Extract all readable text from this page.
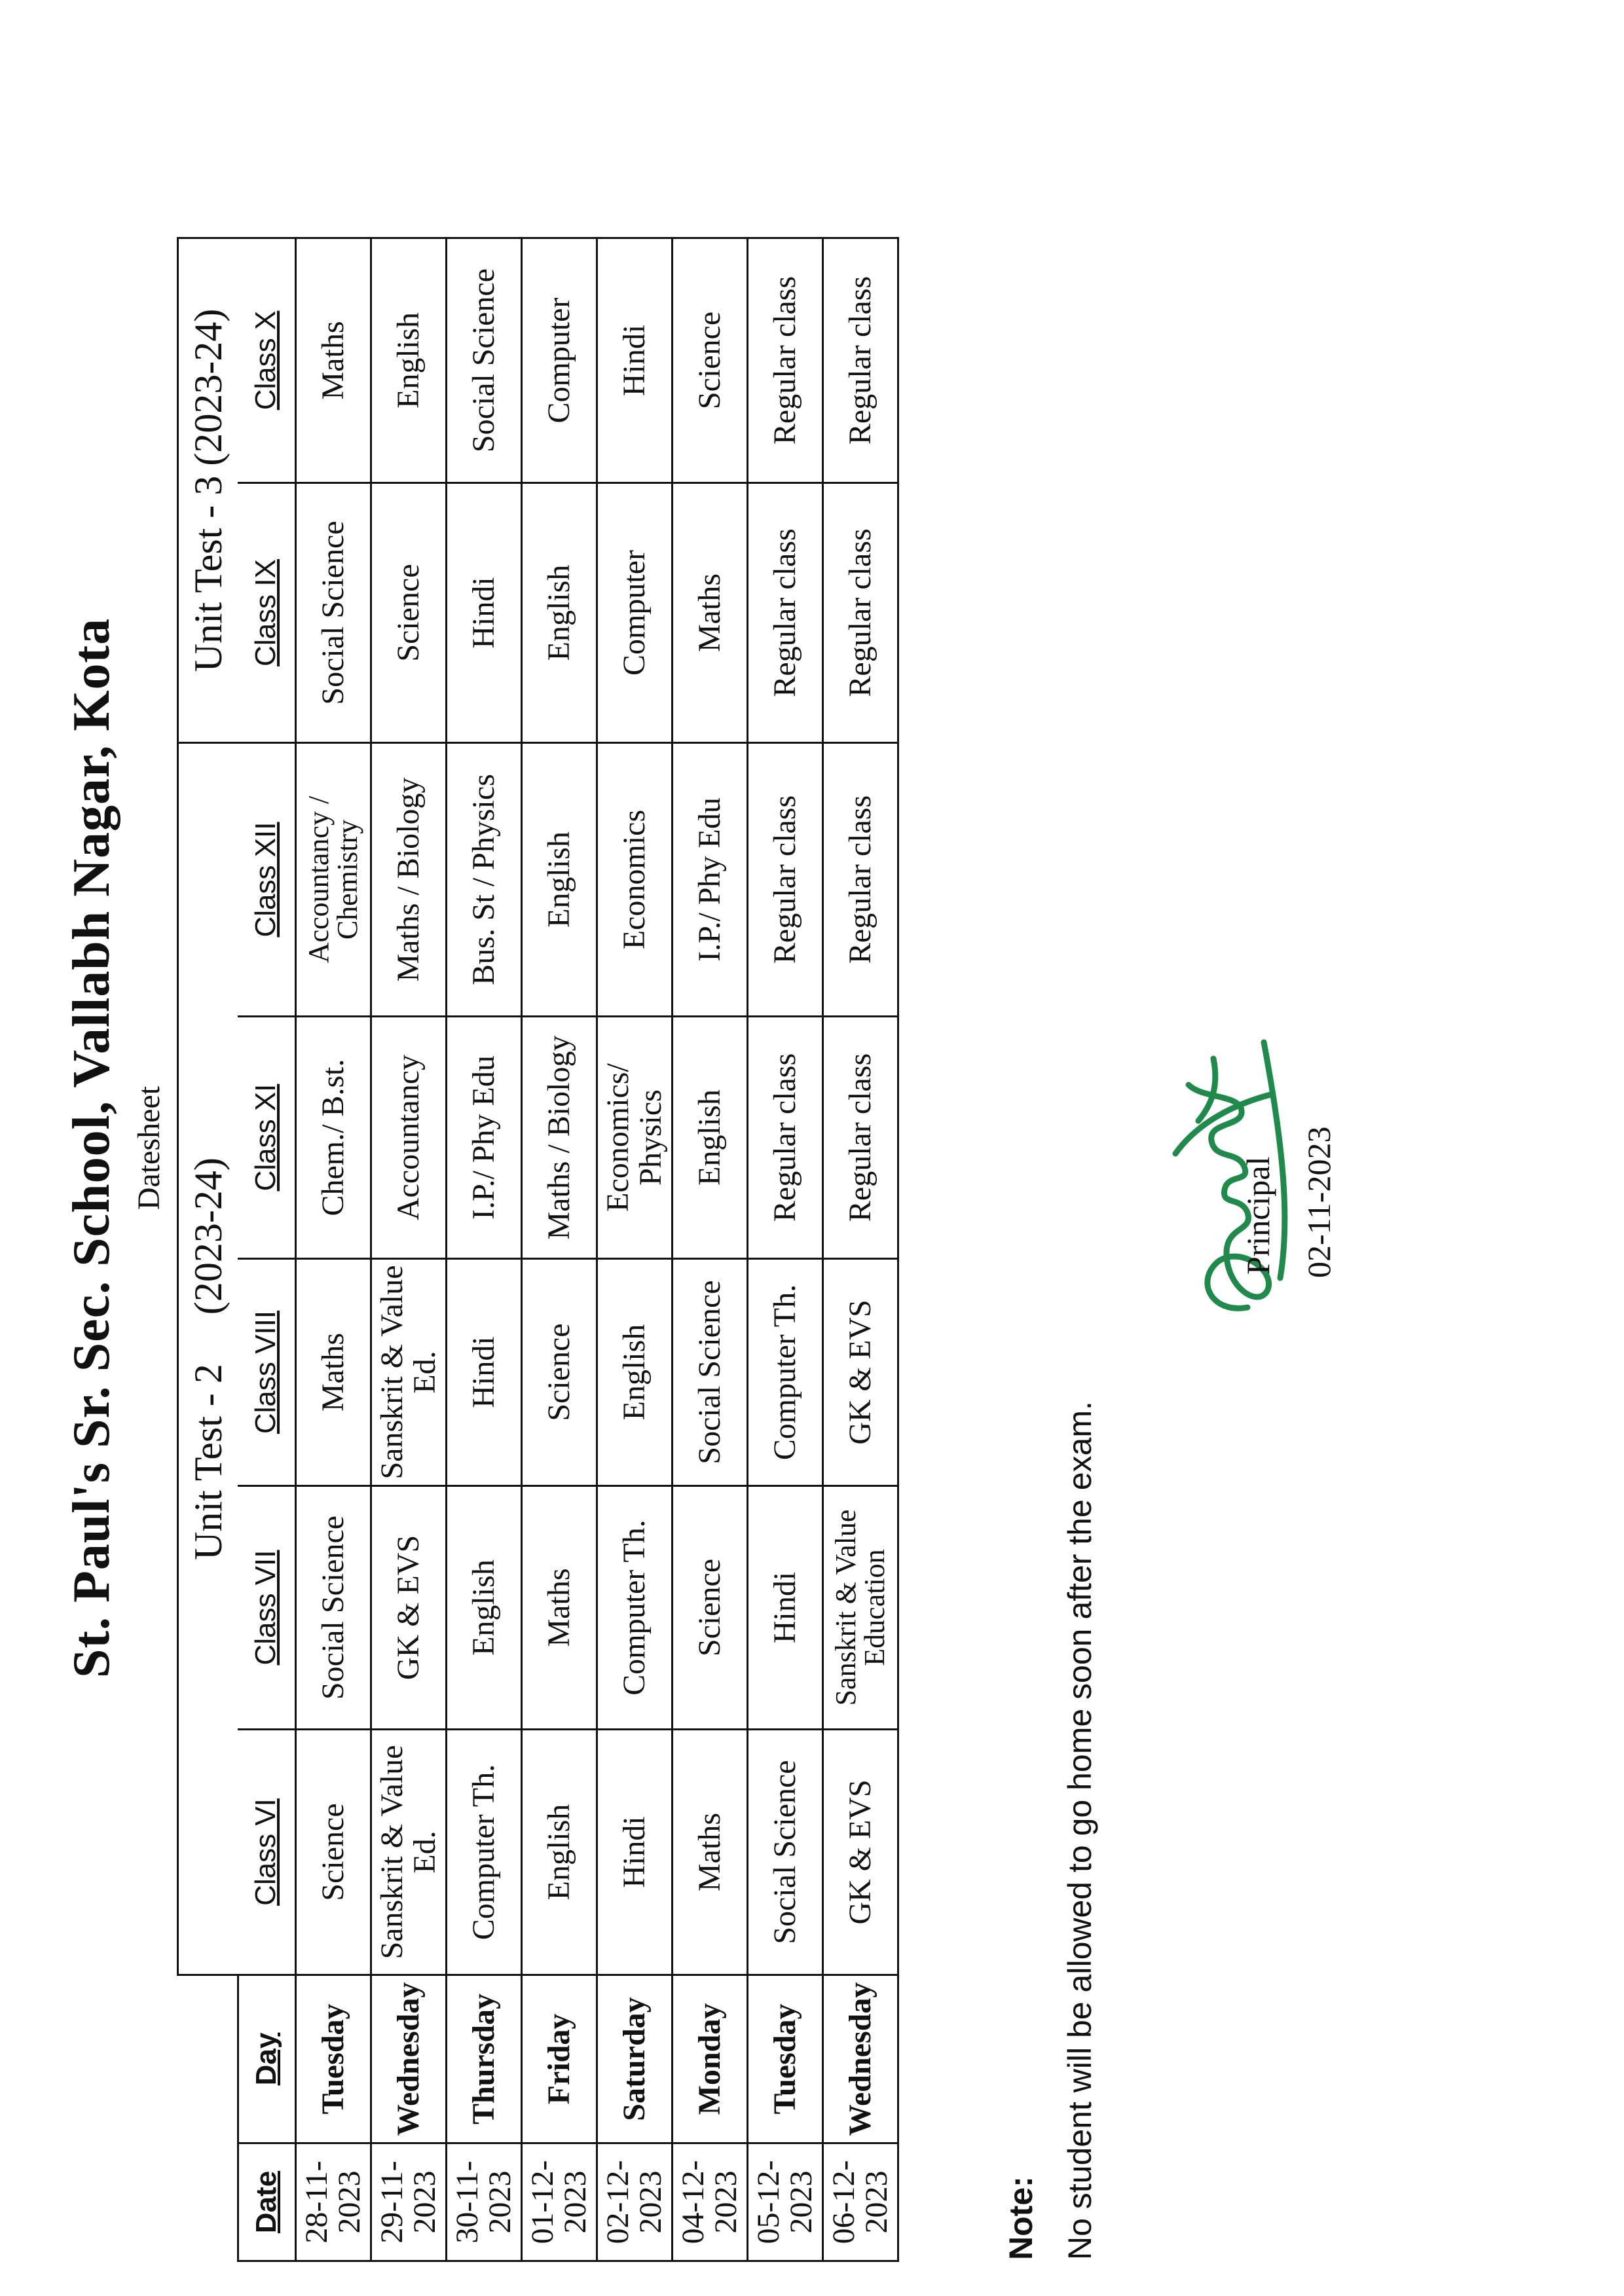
St. Paul's Sr. Sec. School, Vallabh Nagar, Kota Datesheet
		Unit Test - 2     (2023-24)					Unit Test - 3 (2023-24)	
Date	Day	Class VI	Class VII	Class VIII	Class XI	Class XII	Class IX	Class X
28-11-2023	Tuesday	Science	Social Science	Maths	Chem./ B.st.	Accountancy / Chemistry	Social Science	Maths
29-11-2023	Wednesday	Sanskrit & Value Ed.	GK & EVS	Sanskrit & Value Ed.	Accountancy	Maths / Biology	Science	English
30-11-2023	Thursday	Computer Th.	English	Hindi	I.P./ Phy Edu	Bus. St / Physics	Hindi	Social Science
01-12-2023	Friday	English	Maths	Science	Maths / Biology	English	English	Computer
02-12-2023	Saturday	Hindi	Computer Th.	English	Economics/ Physics	Economics	Computer	Hindi
04-12-2023	Monday	Maths	Science	Social Science	English	I.P./ Phy Edu	Maths	Science
05-12-2023	Tuesday	Social Science	Hindi	Computer Th.	Regular class	Regular class	Regular class	Regular class
06-12-2023	Wednesday	GK & EVS	Sanskrit & Value Education	GK & EVS	Regular class	Regular class	Regular class	Regular class
Note: No student will be allowed to go home soon after the exam.
Principal 02-11-2023
